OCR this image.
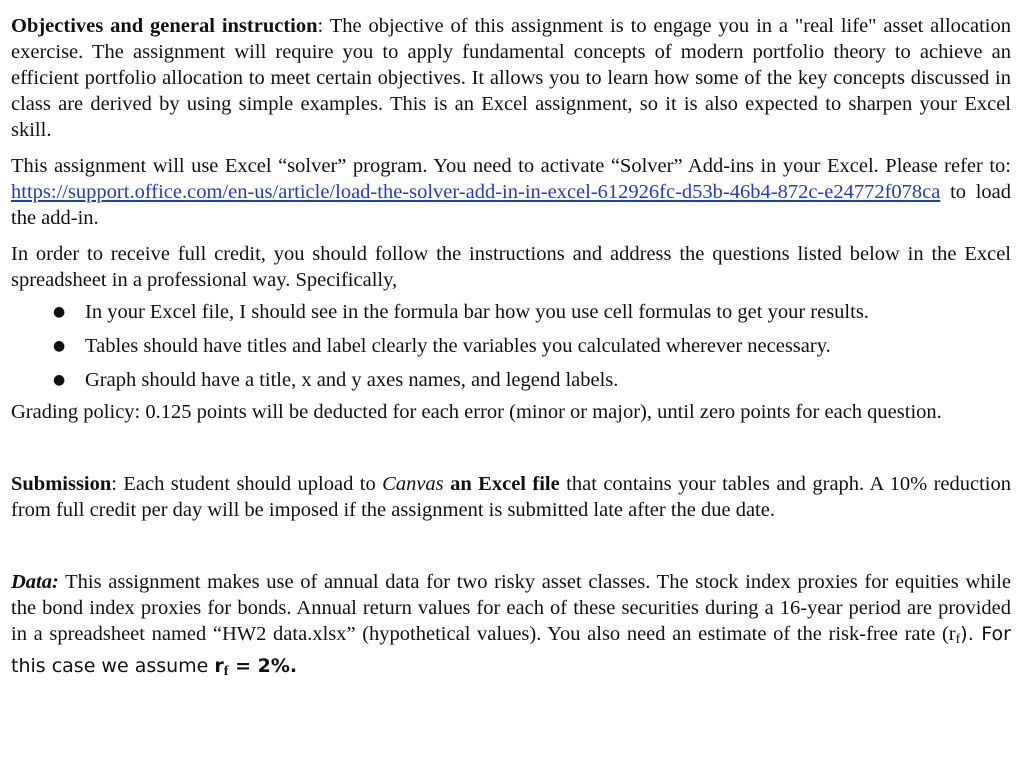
Objectives and general instruction: The objective of this assignment is to engage you in a "real life" asset allocation exercise. The assignment will require you to apply fundamental concepts of modern portfolio theory to achieve an efficient portfolio allocation to meet certain objectives. It allows you to learn how some of the key concepts discussed in class are derived by using simple examples. This is an Excel assignment, so it is also expected to sharpen your Excel skill.

This assignment will use Excel “solver” program. You need to activate “Solver” Add-ins in your Excel. Please refer to: https://support.office.com/en-us/article/load-the-solver-add-in-in-excel-612926fc-d53b-46b4-872c-e24772f078ca to load the add-in.

In order to receive full credit, you should follow the instructions and address the questions listed below in the Excel spreadsheet in a professional way. Specifically,

● In your Excel file, I should see in the formula bar how you use cell formulas to get your results.
● Tables should have titles and label clearly the variables you calculated wherever necessary.
● Graph should have a title, x and y axes names, and legend labels.

Grading policy: 0.125 points will be deducted for each error (minor or major), until zero points for each question.

Submission: Each student should upload to Canvas an Excel file that contains your tables and graph. A 10% reduction from full credit per day will be imposed if the assignment is submitted late after the due date.

Data: This assignment makes use of annual data for two risky asset classes. The stock index proxies for equities while the bond index proxies for bonds. Annual return values for each of these securities during a 16-year period are provided in a spreadsheet named “HW2 data.xlsx” (hypothetical values). You also need an estimate of the risk-free rate $(r_f)$. For this case we assume $r_f = 2\%$.
